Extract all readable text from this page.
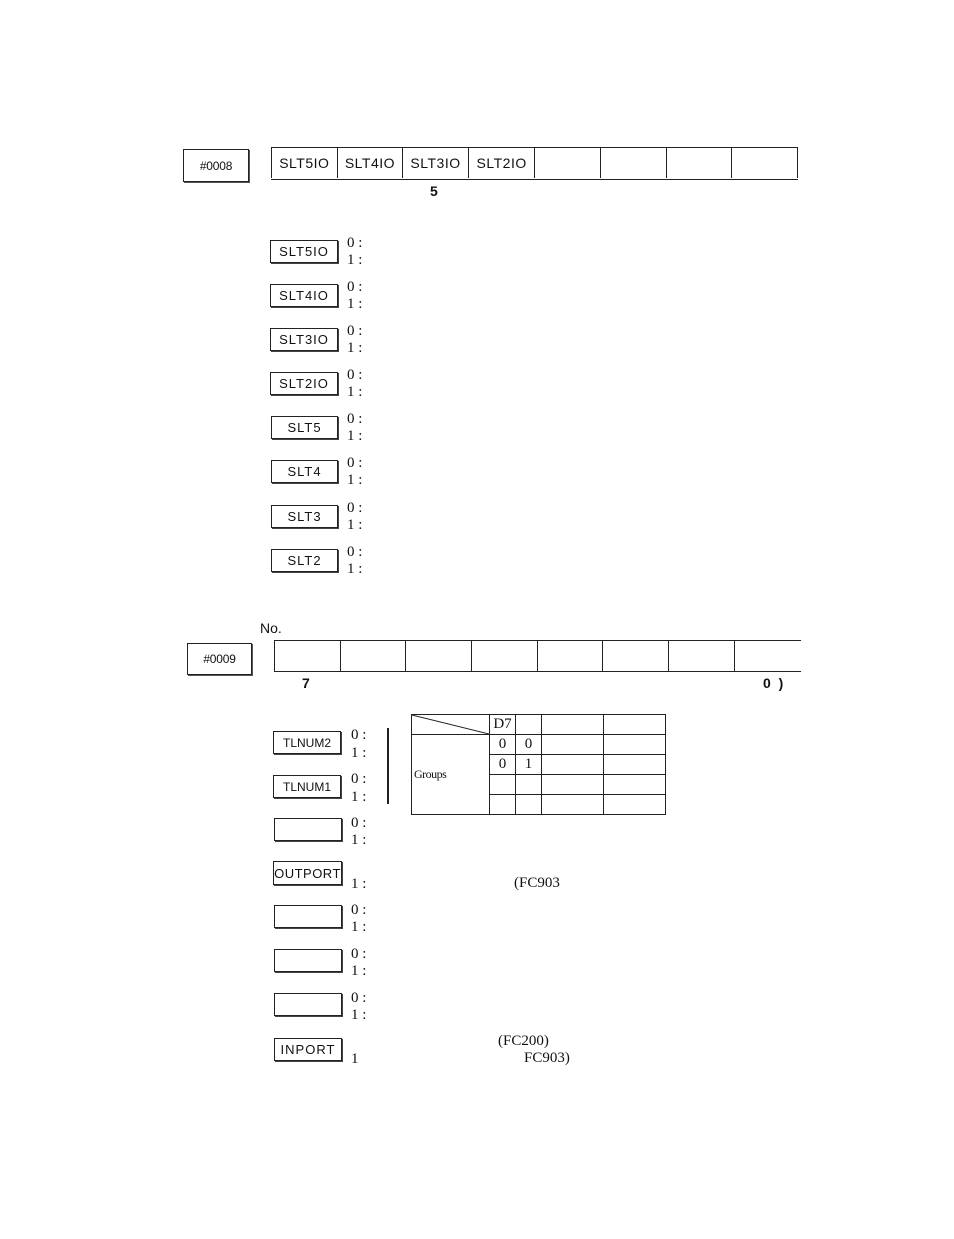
#0008	SLT5IO	SLT4IO	SLT3IO	SLT2IO				
5
SLT5IO
0 :
1 :
SLT4IO
0 :
1 :
SLT3IO
0 :
1 :
SLT2IO
0 :
1 :
SLT5
0 :
1 :
SLT4
0 :
1 :
SLT3
0 :
1 :
SLT2
0 :
1 :
No.
#0009

7	0  )
	D7			
Groups	0	0		
	0	1		

TLNUM2	0 :
1 :
TLNUM1	0 :
1 :
0 :
1 :
OUTPORT
1 :	(FC903
0 :
1 :
0 :
1 :
0 :
1 :
INPORT
1
(FC200)
FC903)
